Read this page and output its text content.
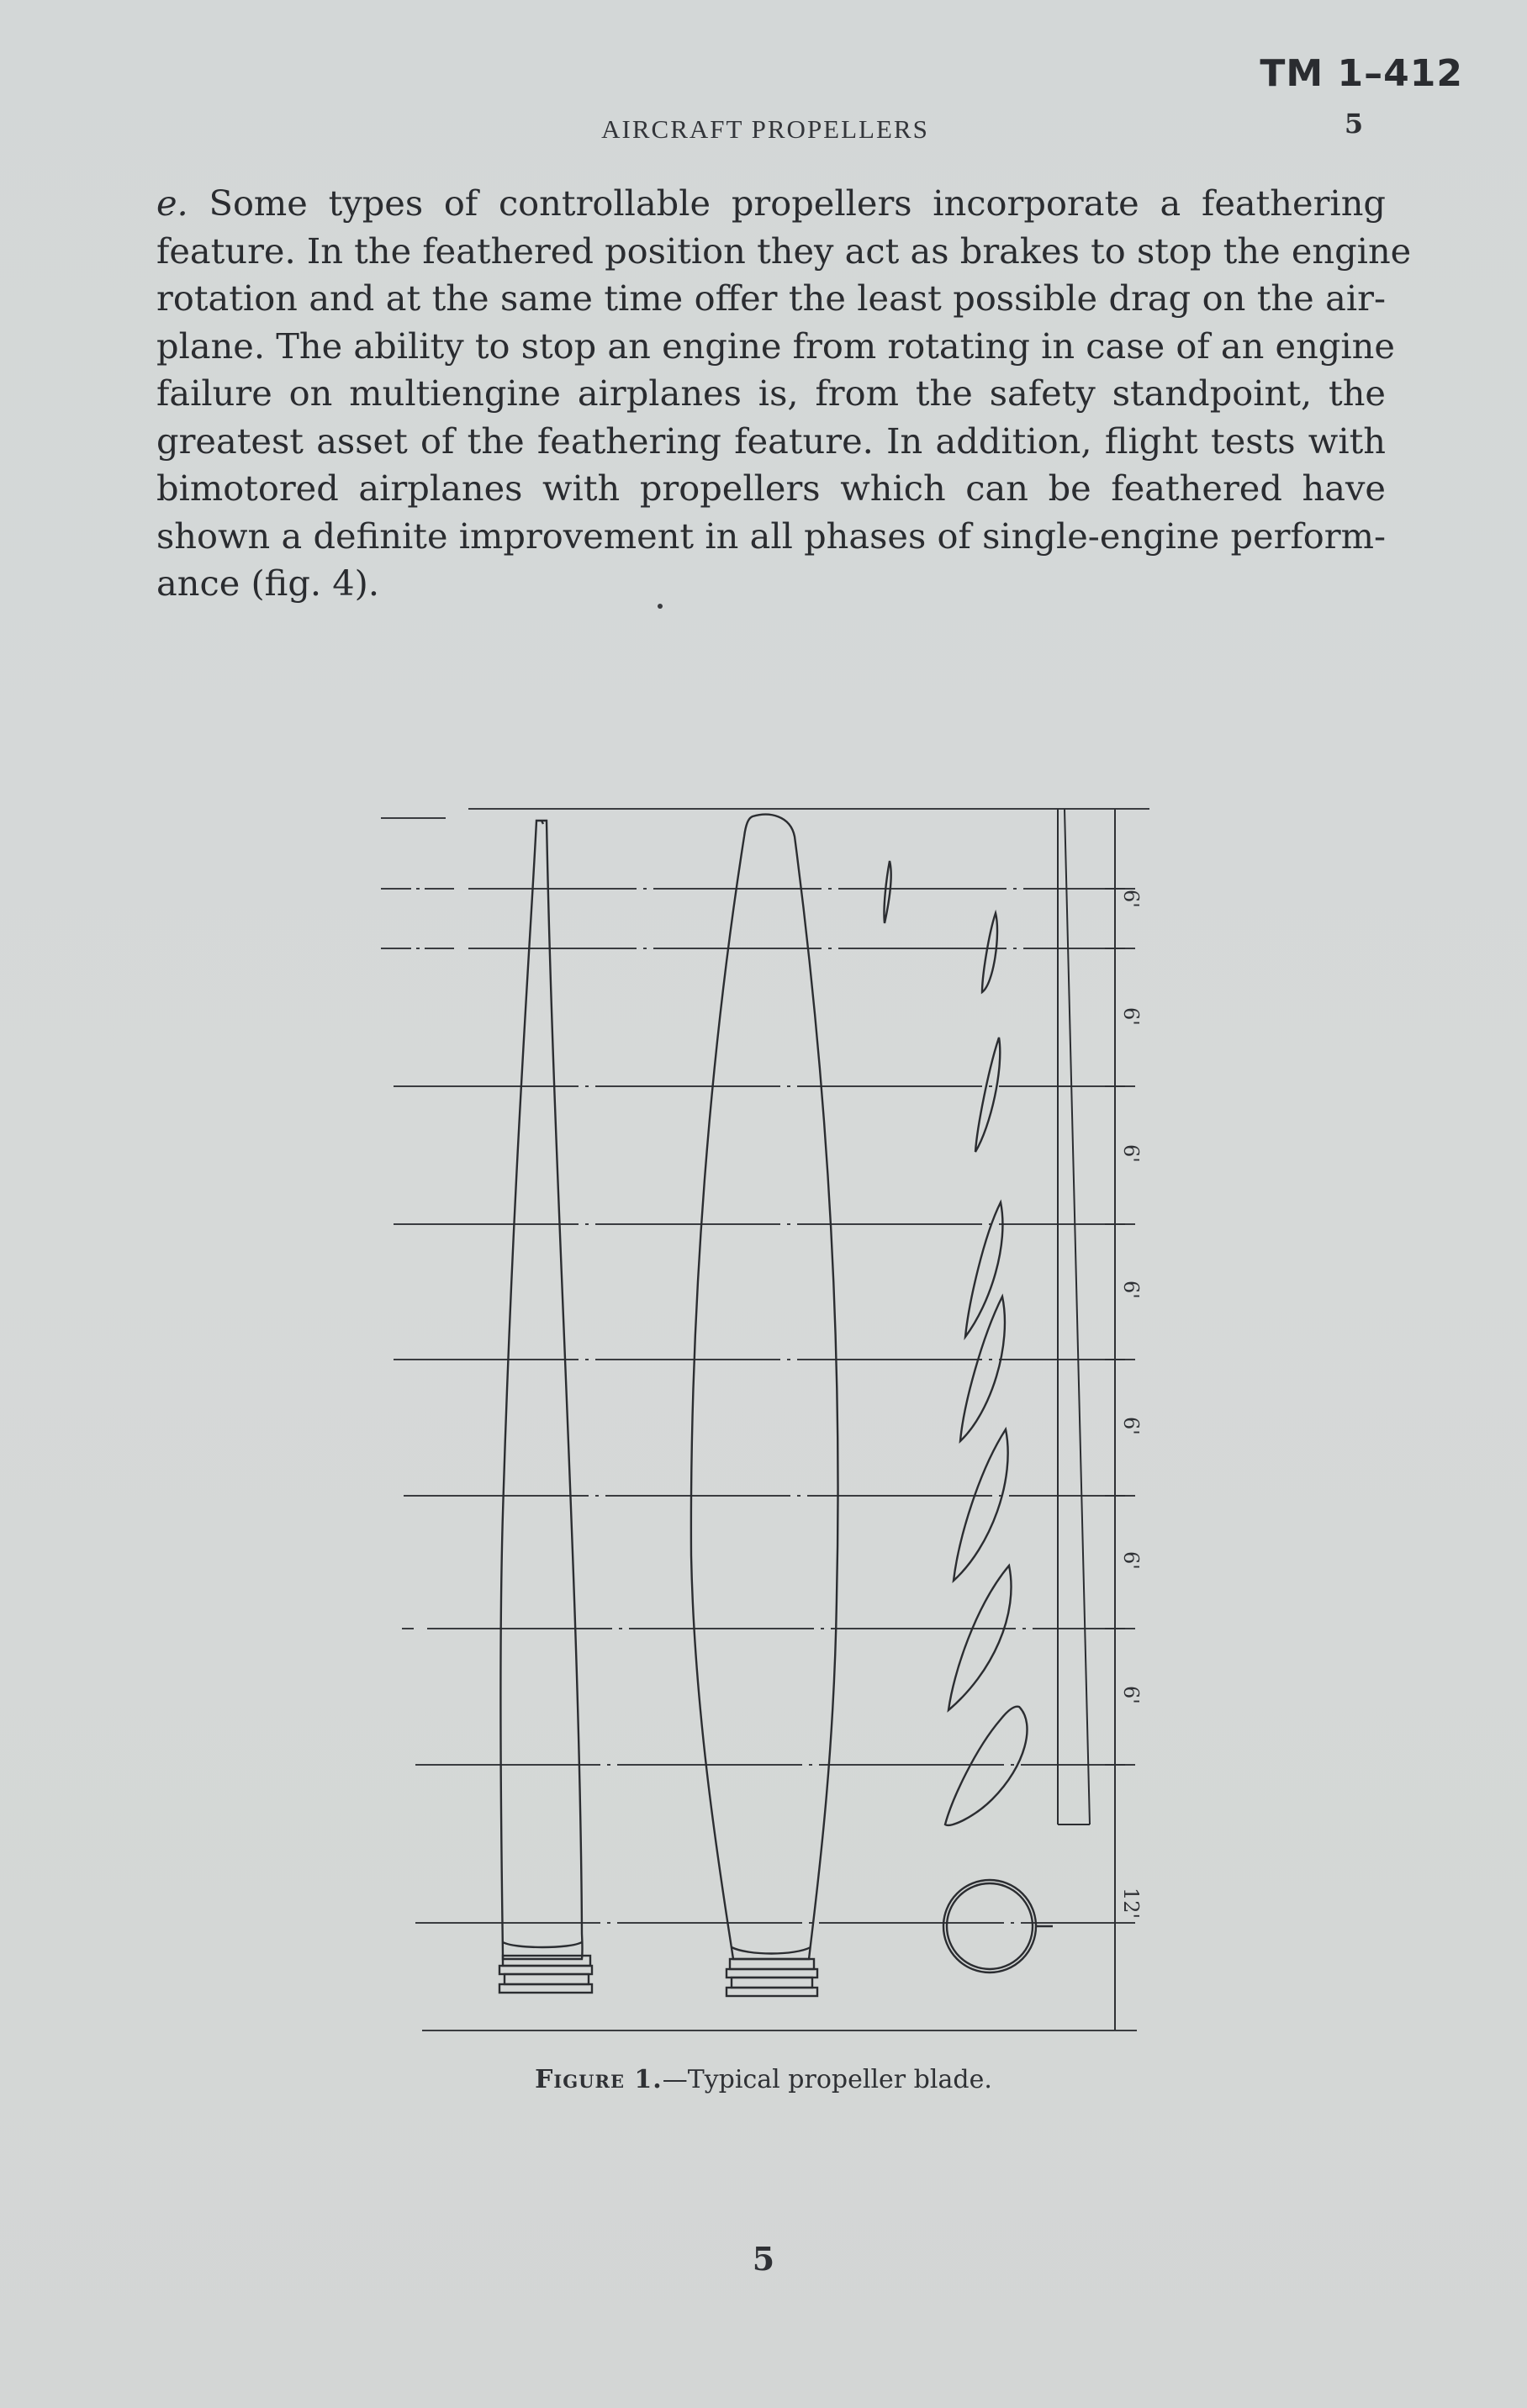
TM 1–412
AIRCRAFT PROPELLERS	5
e. Some types of controllable propellers incorporate a feathering
feature. In the feathered position they act as brakes to stop the engine
rotation and at the same time offer the least possible drag on the air-
plane. The ability to stop an engine from rotating in case of an engine
failure on multiengine airplanes is, from the safety standpoint, the
greatest asset of the feathering feature. In addition, flight tests with
bimotored airplanes with propellers which can be feathered have
shown a definite improvement in all phases of single-engine perform-
ance (fig. 4).
6'
6'
6'
6'
6'
6'
6'
12'
Figure 1.—Typical propeller blade.
5
